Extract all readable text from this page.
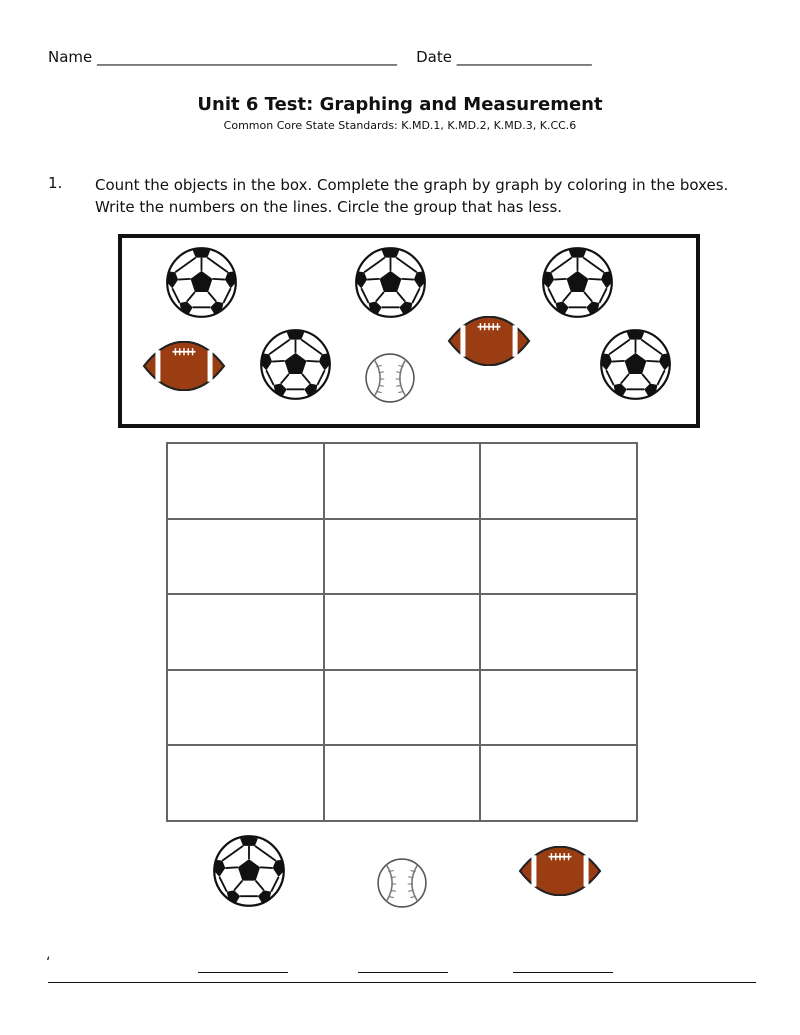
Name ________________________________________ Date __________________
Unit 6 Test: Graphing and Measurement
Common Core State Standards: K.MD.1, K.MD.2, K.MD.3, K.CC.6
1. Count the objects in the box. Complete the graph by graph by coloring in the boxes.
Write the numbers on the lines. Circle the group that has less.
‘
